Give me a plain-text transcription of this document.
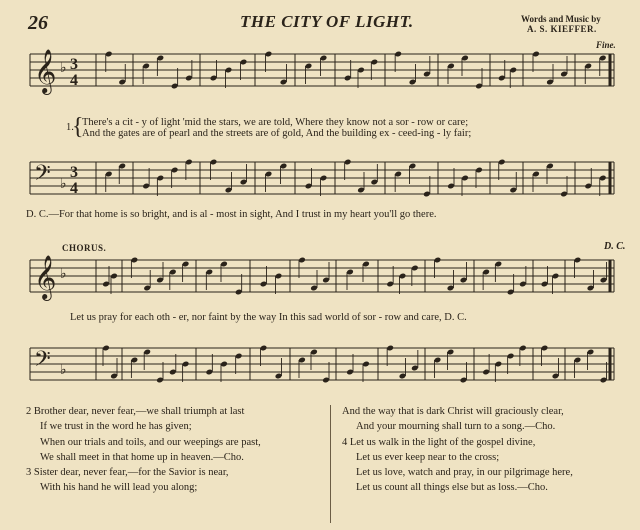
26	THE CITY OF LIGHT.	Words and Music by
A. S. KIEFFER.
Fine.
D. C.
CHORUS.
1.
{
There's a cit - y of light 'mid the stars, we are told, Where they know not a sor - row or care;
And the gates are of pearl and the streets are of gold, And the building ex - ceed-ing - ly fair;
D. C.—For that home is so bright, and is al - most in sight, And I trust in my heart you'll go there.
Let us pray for each oth - er, nor faint by the way In this sad world of sor - row and care, D. C.
𝄞 ♭ 3
4
𝄢 ♭
3
4
𝄞 ♭
𝄢 ♭
2 Brother dear, never fear,—we shall triumph at last
If we trust in the word he has given;
When our trials and toils, and our weepings are past,
We shall meet in that home up in heaven.—Cho.
3 Sister dear, never fear,—for the Savior is near,
With his hand he will lead you along;
And the way that is dark Christ will graciously clear,
And your mourning shall turn to a song.—Cho.
4 Let us walk in the light of the gospel divine,
Let us ever keep near to the cross;
Let us love, watch and pray, in our pilgrimage here,
Let us count all things else but as loss.—Cho.
